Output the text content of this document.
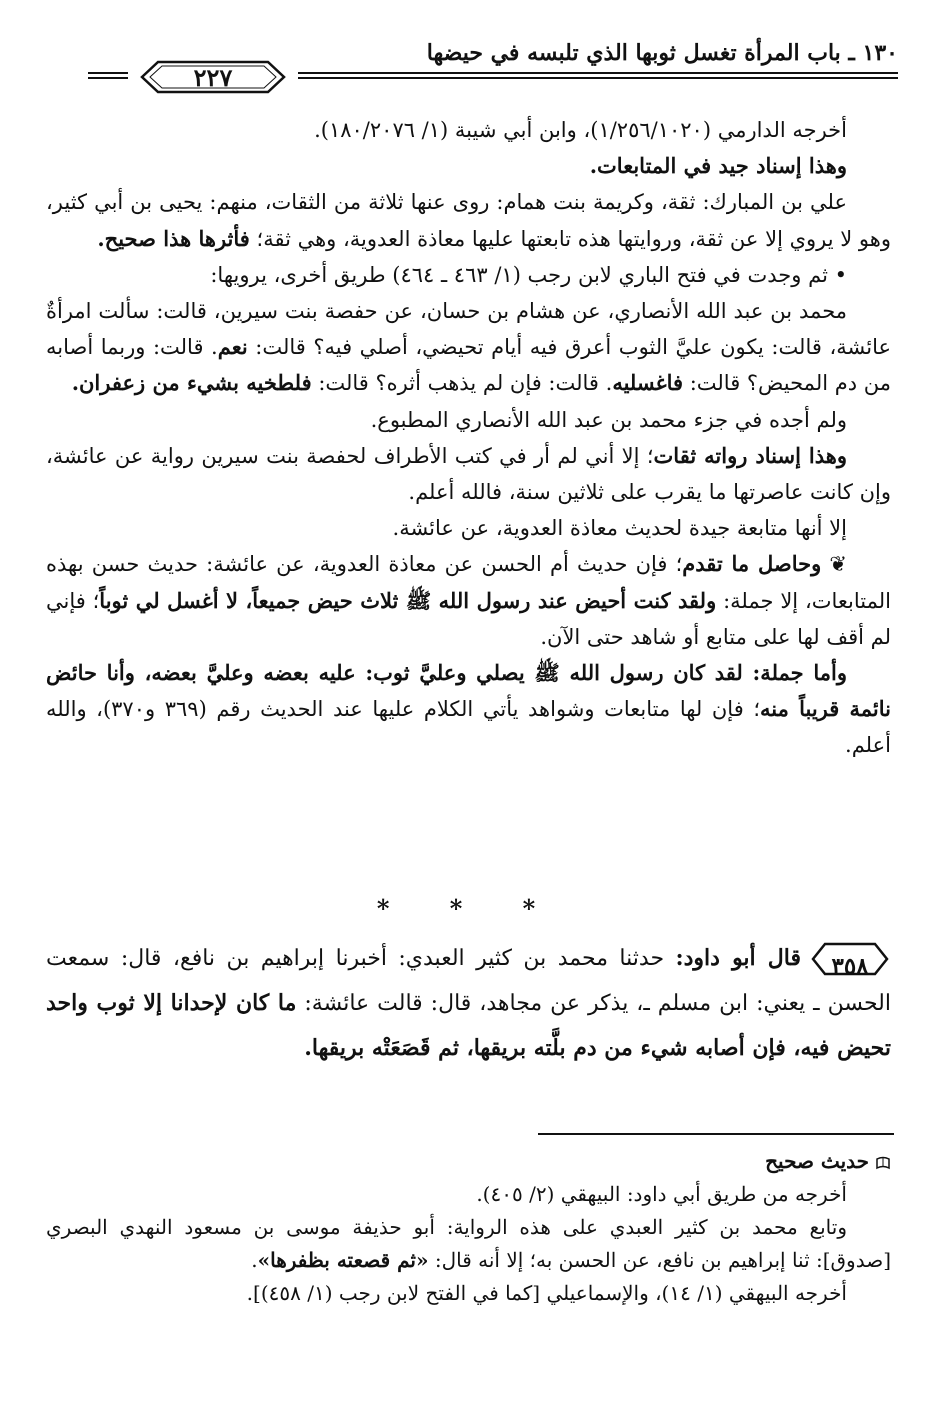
١٣٠ ـ باب المرأة تغسل ثوبها الذي تلبسه في حيضها
٢٢٧

أخرجه الدارمي (١/٢٥٦/١٠٢٠)، وابن أبي شيبة (١/ ١٨٠/٢٠٧٦).

وهذا إسناد جيد في المتابعات.

علي بن المبارك: ثقة، وكريمة بنت همام: روى عنها ثلاثة من الثقات، منهم: يحيى بن أبي كثير، وهو لا يروي إلا عن ثقة، وروايتها هذه تابعتها عليها معاذة العدوية، وهي ثقة؛ فأثرها هذا صحيح.

• ثم وجدت في فتح الباري لابن رجب (١/ ٤٦٣ ـ ٤٦٤) طريق أخرى، يرويها:

محمد بن عبد الله الأنصاري، عن هشام بن حسان، عن حفصة بنت سيرين، قالت: سألت امرأةٌ عائشة، قالت: يكون عليَّ الثوب أعرق فيه أيام تحيضي، أصلي فيه؟ قالت: نعم. قالت: وربما أصابه من دم المحيض؟ قالت: فاغسليه. قالت: فإن لم يذهب أثره؟ قالت: فلطخيه بشيء من زعفران.

ولم أجده في جزء محمد بن عبد الله الأنصاري المطبوع.

وهذا إسناد رواته ثقات؛ إلا أني لم أر في كتب الأطراف لحفصة بنت سيرين رواية عن عائشة، وإن كانت عاصرتها ما يقرب على ثلاثين سنة، فالله أعلم.

إلا أنها متابعة جيدة لحديث معاذة العدوية، عن عائشة.

❦ وحاصل ما تقدم؛ فإن حديث أم الحسن عن معاذة العدوية، عن عائشة: حديث حسن بهذه المتابعات، إلا جملة: ولقد كنت أحيض عند رسول الله ﷺ ثلاث حيض جميعاً، لا أغسل لي ثوباً؛ فإني لم أقف لها على متابع أو شاهد حتى الآن.

وأما جملة: لقد كان رسول الله ﷺ يصلي وعليَّ ثوب: عليه بعضه وعليَّ بعضه، وأنا حائض نائمة قريباً منه؛ فإن لها متابعات وشواهد يأتي الكلام عليها عند الحديث رقم (٣٦٩ و٣٧٠)، والله أعلم.

* * *

٣٥٨
قال أبو داود: حدثنا محمد بن كثير العبدي: أخبرنا إبراهيم بن نافع، قال: سمعت الحسن ـ يعني: ابن مسلم ـ، يذكر عن مجاهد، قال: قالت عائشة: ما كان لإحدانا إلا ثوب واحد تحيض فيه، فإن أصابه شيء من دم بلَّته بريقها، ثم قَصَعَتْه بريقها.

حديث صحيح

أخرجه من طريق أبي داود: البيهقي (٢/ ٤٠٥).

وتابع محمد بن كثير العبدي على هذه الرواية: أبو حذيفة موسى بن مسعود النهدي البصري [صدوق]: ثنا إبراهيم بن نافع، عن الحسن به؛ إلا أنه قال: «ثم قصعته بظفرها».

أخرجه البيهقي (١/ ١٤)، والإسماعيلي [كما في الفتح لابن رجب (١/ ٤٥٨)].
